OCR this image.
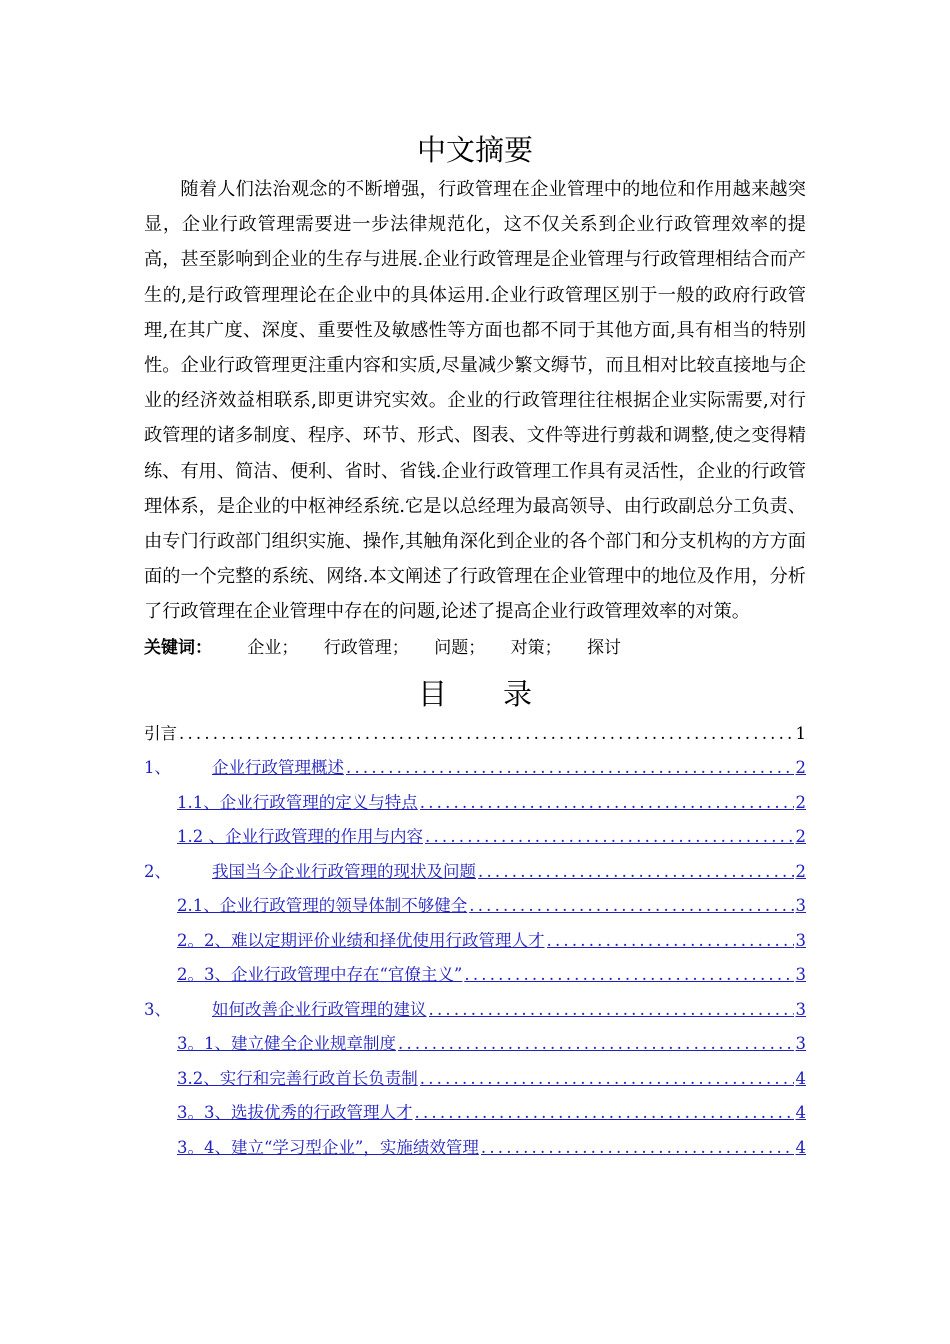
中文摘要

随着人们法治观念的不断增强，行政管理在企业管理中的地位和作用越来越突显，企业行政管理需要进一步法律规范化，这不仅关系到企业行政管理效率的提高，甚至影响到企业的生存与进展.企业行政管理是企业管理与行政管理相结合而产生的,是行政管理理论在企业中的具体运用.企业行政管理区别于一般的政府行政管理,在其广度、深度、重要性及敏感性等方面也都不同于其他方面,具有相当的特别性。企业行政管理更注重内容和实质,尽量减少繁文缛节，而且相对比较直接地与企业的经济效益相联系,即更讲究实效。企业的行政管理往往根据企业实际需要,对行政管理的诸多制度、程序、环节、形式、图表、文件等进行剪裁和调整,使之变得精练、有用、简洁、便利、省时、省钱.企业行政管理工作具有灵活性，企业的行政管理体系，是企业的中枢神经系统.它是以总经理为最高领导、由行政副总分工负责、由专门行政部门组织实施、操作,其触角深化到企业的各个部门和分支机构的方方面面的一个完整的系统、网络.本文阐述了行政管理在企业管理中的地位及作用，分析了行政管理在企业管理中存在的问题,论述了提高企业行政管理效率的对策。

关键词： 企业； 行政管理； 问题； 对策； 探讨
目 录
引言 .....	1
1、 企业行政管理概述 .....	2
1.1、企业行政管理的定义与特点 .....	2
1.2 、企业行政管理的作用与内容 .....	2
2、 我国当今企业行政管理的现状及问题 .....	2
2.1、企业行政管理的领导体制不够健全 .....	3
2。2、难以定期评价业绩和择优使用行政管理人才 .....	3
2。3、企业行政管理中存在“官僚主义” .....	3
3、 如何改善企业行政管理的建议 .....	3
3。1、建立健全企业规章制度 .....	3
3.2、实行和完善行政首长负责制 .....	4
3。3、选拔优秀的行政管理人才 .....	4
3。4、建立“学习型企业”，实施绩效管理 .....	4
